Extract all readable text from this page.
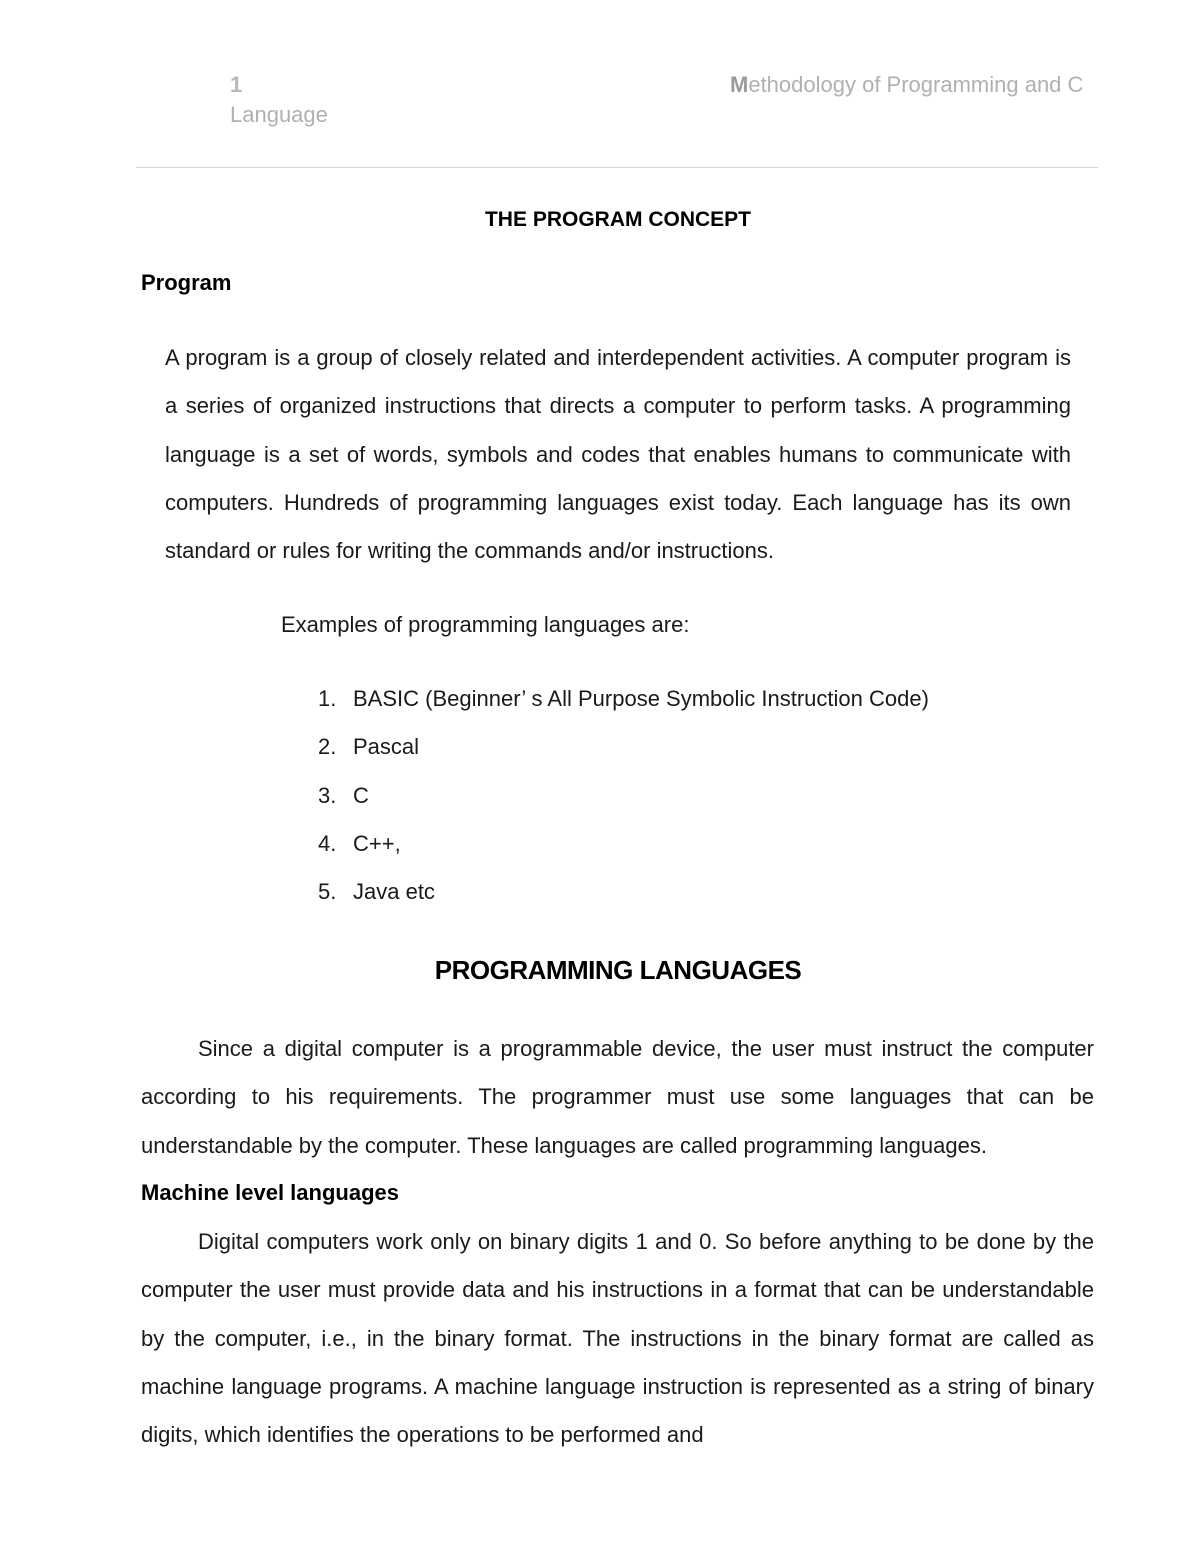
1	Methodology of Programming and C
Language
THE PROGRAM CONCEPT
Program
A program is a group of closely related and interdependent activities. A computer program is a series of organized instructions that directs a computer to perform tasks. A programming language is a set of words, symbols and codes that enables humans to communicate with computers. Hundreds of programming languages exist today. Each language has its own standard or rules for writing the commands and/or instructions.
Examples of programming languages are:
1. BASIC (Beginner’ s All Purpose Symbolic Instruction Code)
2. Pascal
3. C
4. C++,
5. Java etc
PROGRAMMING LANGUAGES
Since a digital computer is a programmable device, the user must instruct the computer according to his requirements. The programmer must use some languages that can be understandable by the computer. These languages are called programming languages.
Machine level languages
Digital computers work only on binary digits 1 and 0. So before anything to be done by the computer the user must provide data and his instructions in a format that can be understandable by the computer, i.e., in the binary format. The instructions in the binary format are called as machine language programs. A machine language instruction is represented as a string of binary digits, which identifies the operations to be performed and
